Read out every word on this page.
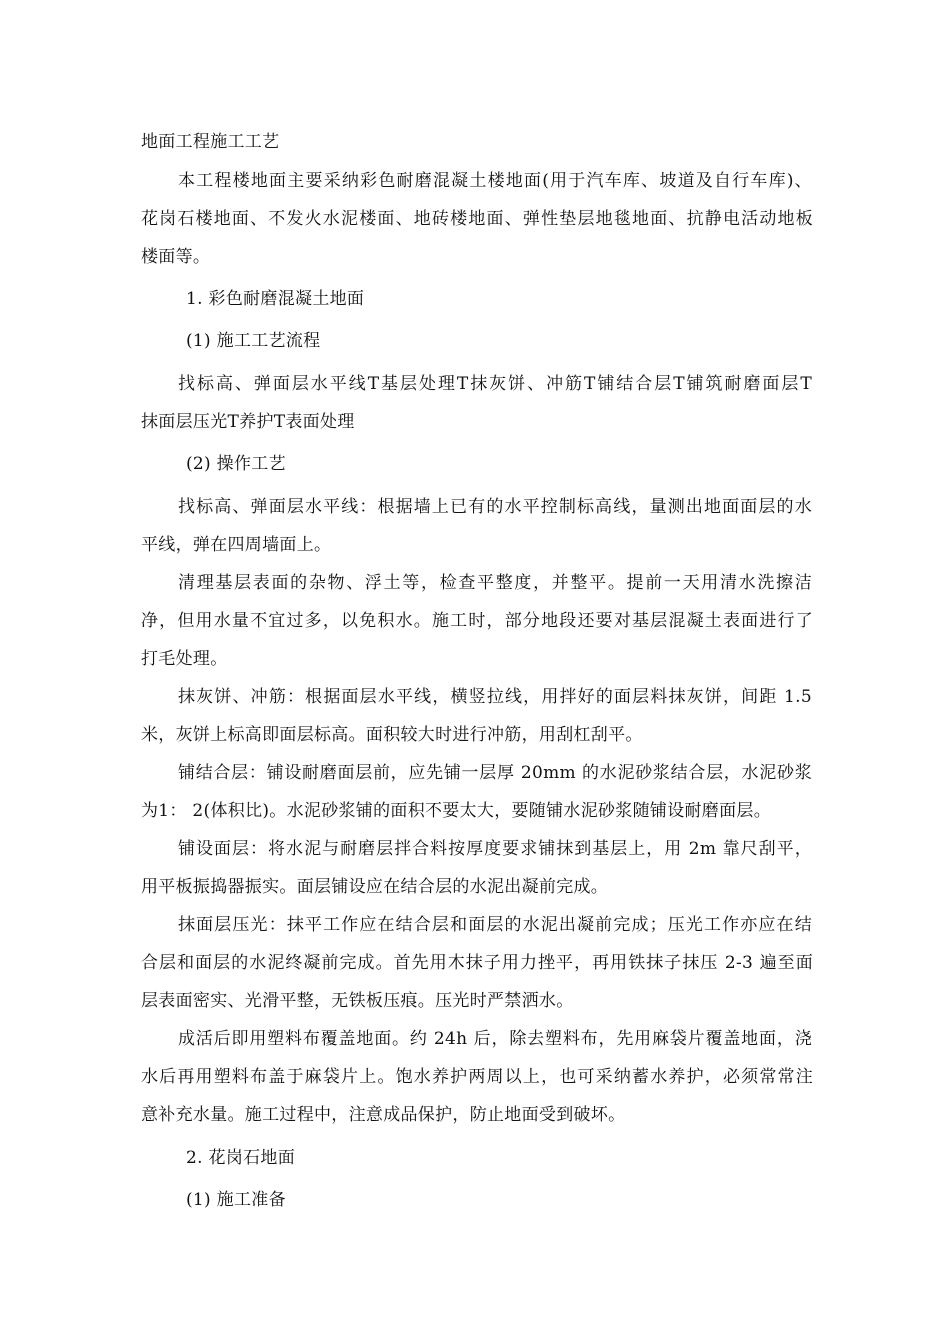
地面工程施工工艺
本工程楼地面主要采纳彩色耐磨混凝土楼地面(用于汽车库、坡道及自行车库)、
花岗石楼地面、不发火水泥楼面、地砖楼地面、弹性垫层地毯地面、抗静电活动地板
楼面等。
1. 彩色耐磨混凝土地面
(1) 施工工艺流程
找标高、弹面层水平线T基层处理T抹灰饼、冲筋T铺结合层T铺筑耐磨面层T
抹面层压光T养护T表面处理
(2) 操作工艺
找标高、弹面层水平线：根据墙上已有的水平控制标高线，量测出地面面层的水
平线，弹在四周墙面上。
清理基层表面的杂物、浮土等，检查平整度，并整平。提前一天用清水洗擦洁
净，但用水量不宜过多，以免积水。施工时，部分地段还要对基层混凝土表面进行了
打毛处理。
抹灰饼、冲筋：根据面层水平线，横竖拉线，用拌好的面层料抹灰饼，间距 1.5
米，灰饼上标高即面层标高。面积较大时进行冲筋，用刮杠刮平。
铺结合层：铺设耐磨面层前，应先铺一层厚 20mm 的水泥砂浆结合层，水泥砂浆
为1： 2(体积比)。水泥砂浆铺的面积不要太大，要随铺水泥砂浆随铺设耐磨面层。
铺设面层：将水泥与耐磨层拌合料按厚度要求铺抹到基层上，用 2m 靠尺刮平，
用平板振捣器振实。面层铺设应在结合层的水泥出凝前完成。
抹面层压光：抹平工作应在结合层和面层的水泥出凝前完成；压光工作亦应在结
合层和面层的水泥终凝前完成。首先用木抹子用力挫平，再用铁抹子抹压 2-3 遍至面
层表面密实、光滑平整，无铁板压痕。压光时严禁洒水。
成活后即用塑料布覆盖地面。约 24h 后，除去塑料布，先用麻袋片覆盖地面，浇
水后再用塑料布盖于麻袋片上。饱水养护两周以上，也可采纳蓄水养护，必须常常注
意补充水量。施工过程中，注意成品保护，防止地面受到破坏。
2. 花岗石地面
(1) 施工准备
